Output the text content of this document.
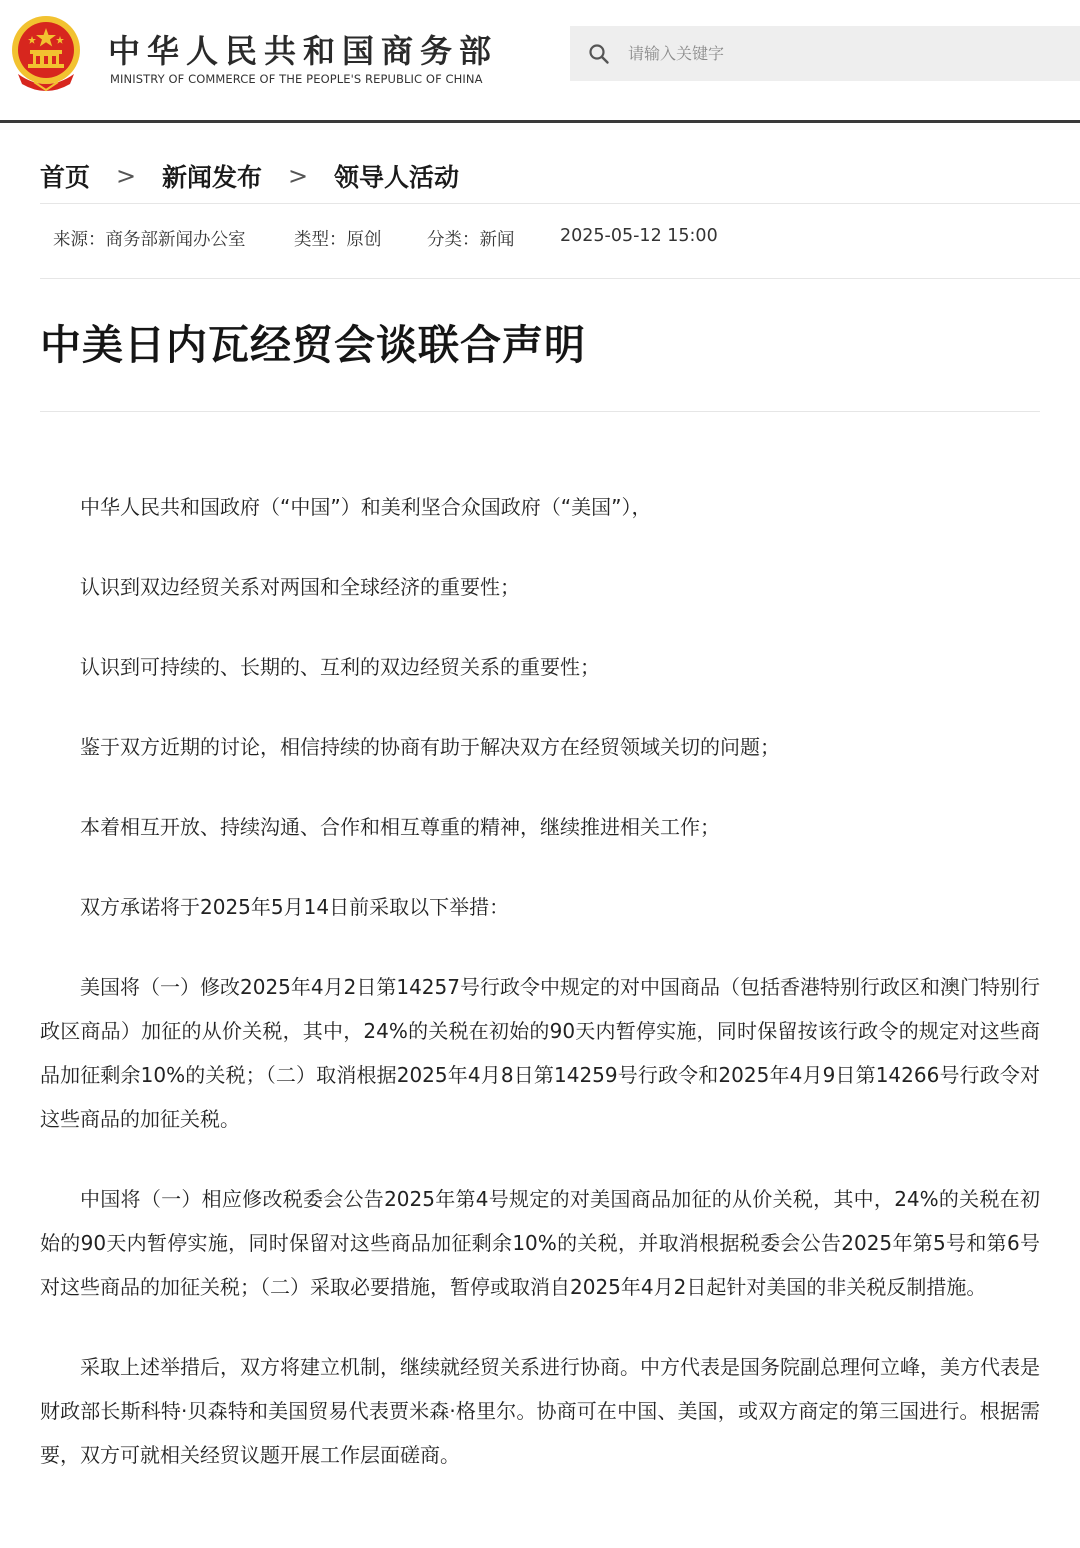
中华人民共和国商务部
MINISTRY OF COMMERCE OF THE PEOPLE'S REPUBLIC OF CHINA
请输入关键字
首页	>	新闻发布	>	领导人活动
来源：商务部新闻办公室	类型：原创	分类：新闻	2025-05-12 15:00
中美日内瓦经贸会谈联合声明

中华人民共和国政府（“中国”）和美利坚合众国政府（“美国”），

认识到双边经贸关系对两国和全球经济的重要性；

认识到可持续的、长期的、互利的双边经贸关系的重要性；

鉴于双方近期的讨论，相信持续的协商有助于解决双方在经贸领域关切的问题；

本着相互开放、持续沟通、合作和相互尊重的精神，继续推进相关工作；

双方承诺将于2025年5月14日前采取以下举措：

美国将（一）修改2025年4月2日第14257号行政令中规定的对中国商品（包括香港特别行政区和澳门特别行政区商品）加征的从价关税，其中，24%的关税在初始的90天内暂停实施，同时保留按该行政令的规定对这些商品加征剩余10%的关税；（二）取消根据2025年4月8日第14259号行政令和2025年4月9日第14266号行政令对这些商品的加征关税。

中国将（一）相应修改税委会公告2025年第4号规定的对美国商品加征的从价关税，其中，24%的关税在初始的90天内暂停实施，同时保留对这些商品加征剩余10%的关税，并取消根据税委会公告2025年第5号和第6号对这些商品的加征关税；（二）采取必要措施，暂停或取消自2025年4月2日起针对美国的非关税反制措施。

采取上述举措后，双方将建立机制，继续就经贸关系进行协商。中方代表是国务院副总理何立峰，美方代表是财政部长斯科特·贝森特和美国贸易代表贾米森·格里尔。协商可在中国、美国，或双方商定的第三国进行。根据需要，双方可就相关经贸议题开展工作层面磋商。
